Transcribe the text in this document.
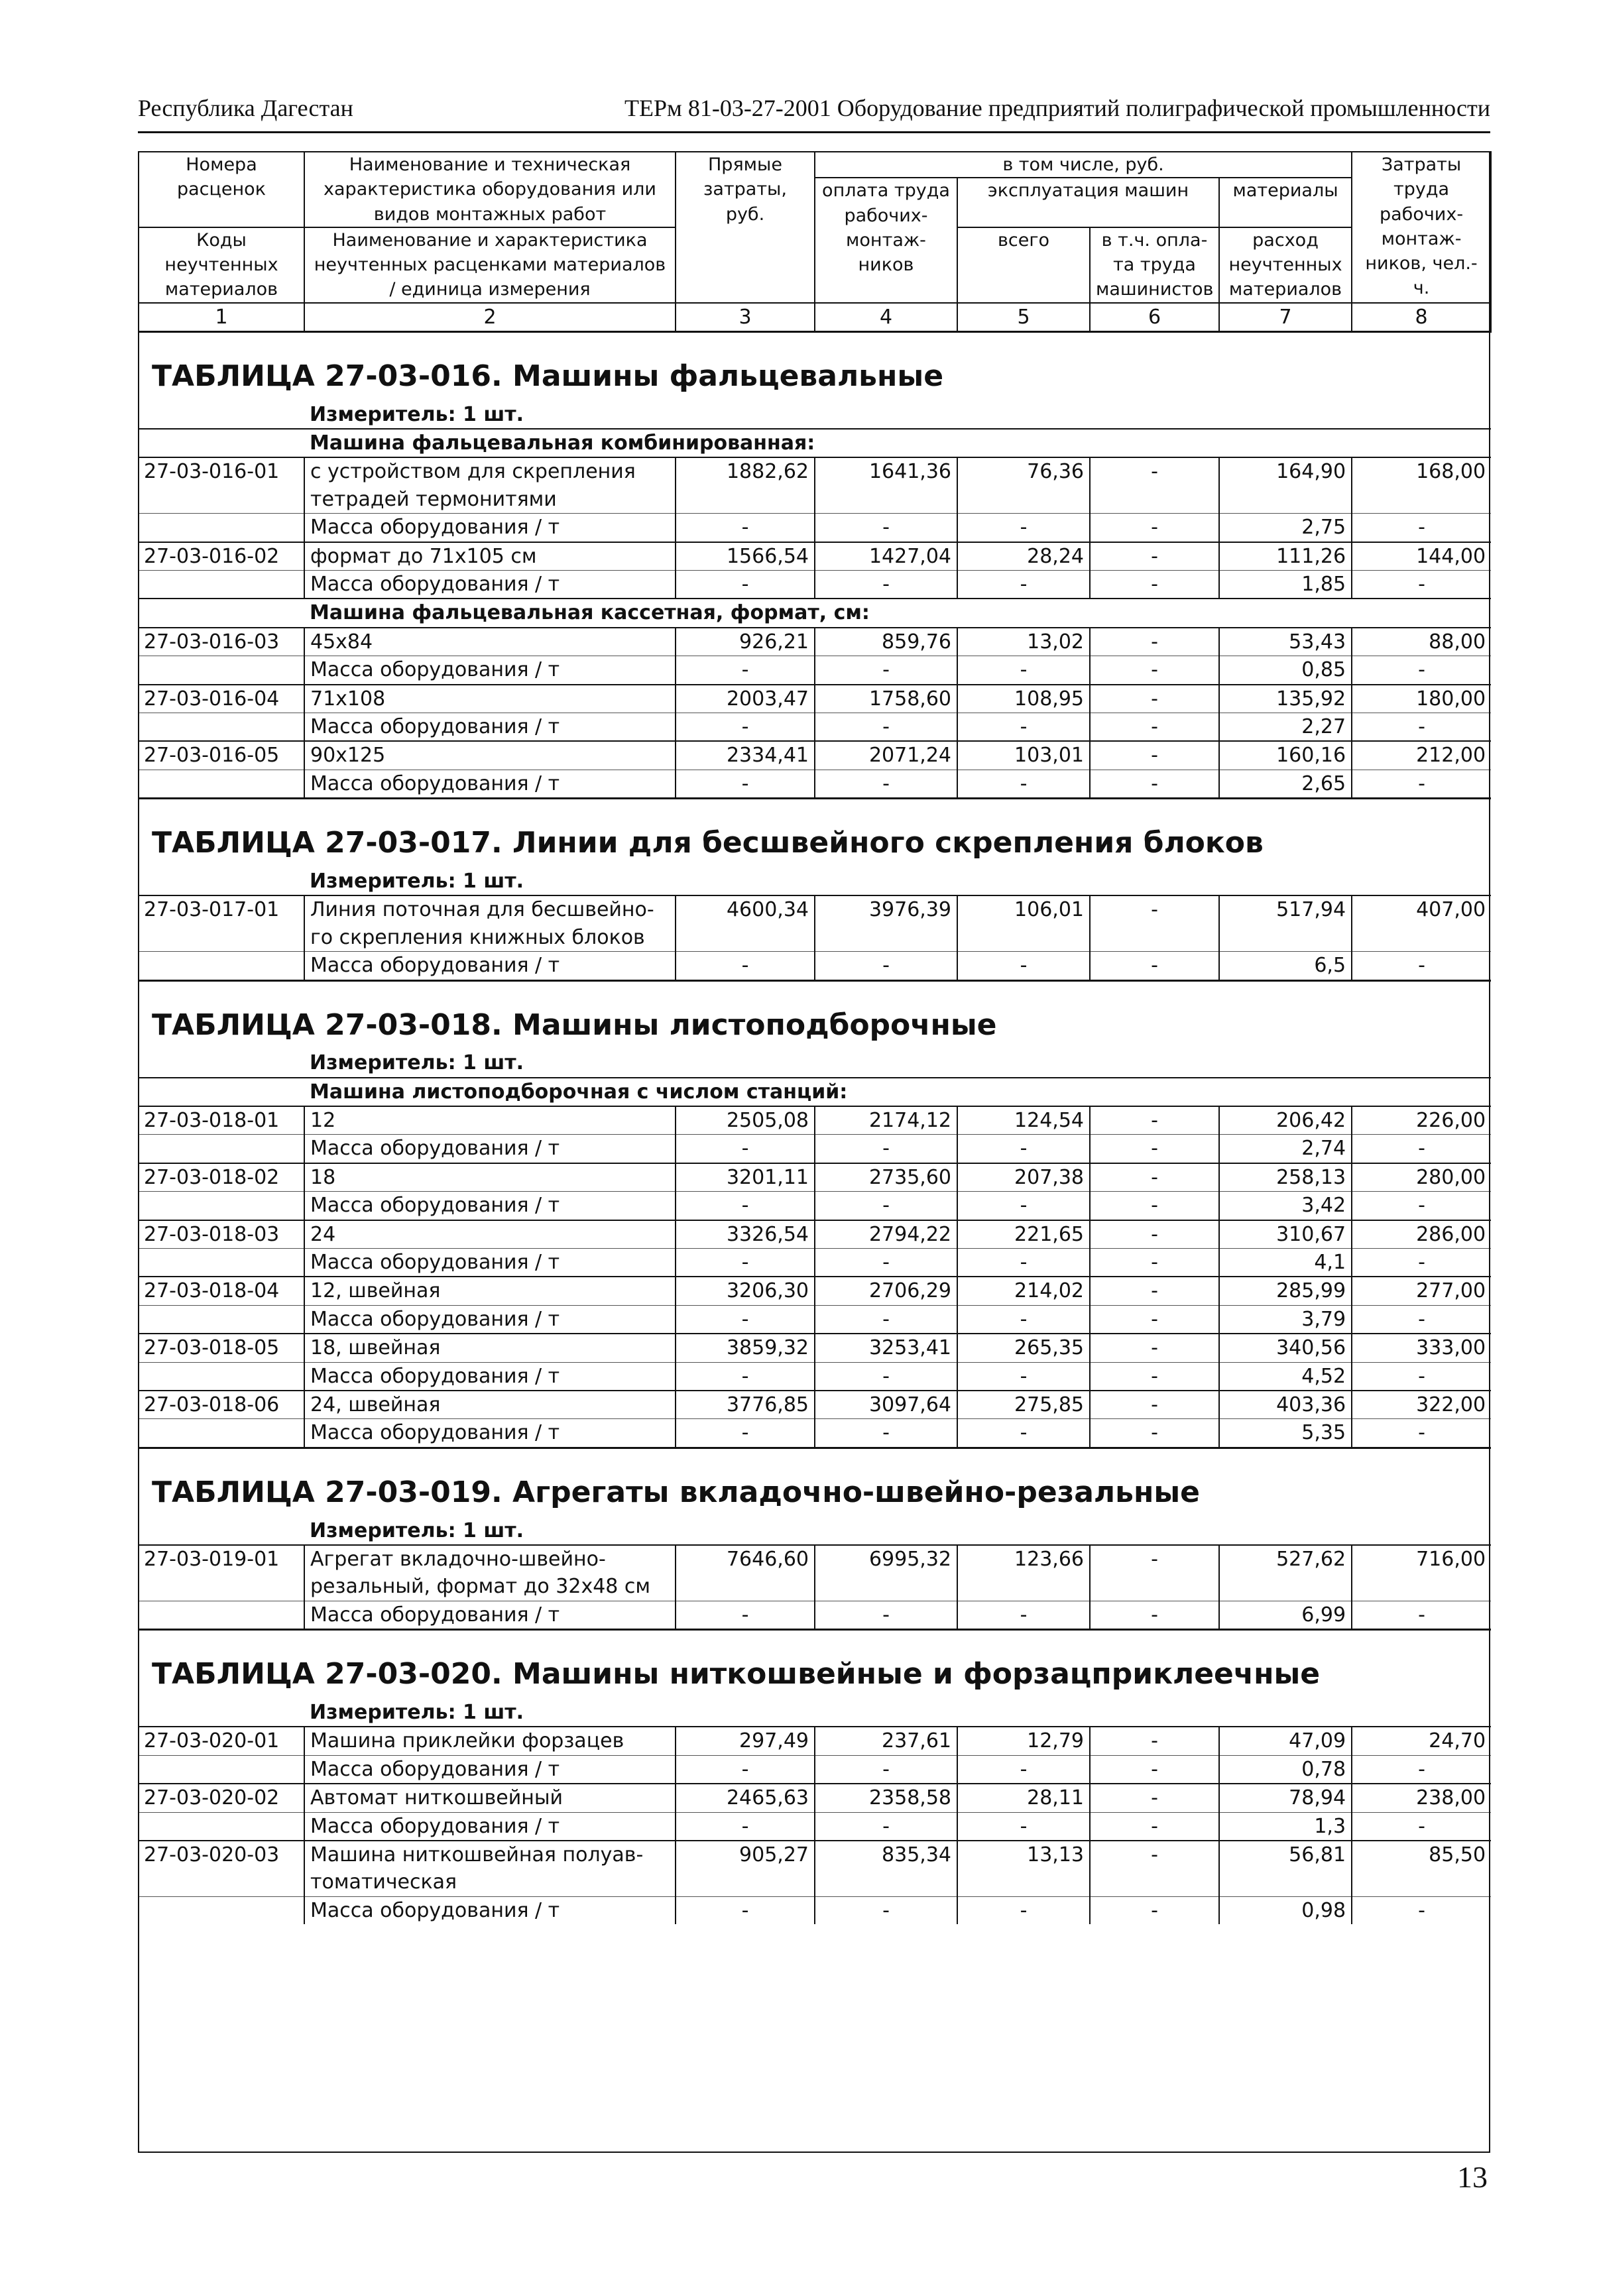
Республика Дагестан	ТЕРм 81-03-27-2001 Оборудование предприятий полиграфической промышленности
Номера расценок	Наименование и техническая характеристика оборудования или видов монтажных работ	Прямые затраты, руб.	в том числе, руб.				Затраты труда рабочих-монтаж-ников, чел.-ч.
			оплата труда рабочих-монтаж-ников	эксплуатация машин		материалы	
Коды неучтенных материалов	Наименование и характеристика неучтенных расценками материалов / единица измерения			всего	в т.ч. опла-та труда машинистов	расход неучтенных материалов	

1	2	3	4	5	6	7	8
ТАБЛИЦА 27-03-016. Машины фальцевальные							
	Измеритель: 1 шт.						
	Машина фальцевальная комбинированная:						
27-03-016-01	с устройством для скрепления тетрадей термонитями	1882,62	1641,36	76,36	-	164,90	168,00
	Масса оборудования / т	-	-	-	-	2,75	-
27-03-016-02	формат до 71х105 см	1566,54	1427,04	28,24	-	111,26	144,00
	Масса оборудования / т	-	-	-	-	1,85	-
	Машина фальцевальная кассетная, формат, см:						
27-03-016-03	45х84	926,21	859,76	13,02	-	53,43	88,00
	Масса оборудования / т	-	-	-	-	0,85	-
27-03-016-04	71х108	2003,47	1758,60	108,95	-	135,92	180,00
	Масса оборудования / т	-	-	-	-	2,27	-
27-03-016-05	90х125	2334,41	2071,24	103,01	-	160,16	212,00
	Масса оборудования / т	-	-	-	-	2,65	-
ТАБЛИЦА 27-03-017. Линии для бесшвейного скрепления блоков							
	Измеритель: 1 шт.						
27-03-017-01	Линия поточная для бесшвейно-го скрепления книжных блоков	4600,34	3976,39	106,01	-	517,94	407,00
	Масса оборудования / т	-	-	-	-	6,5	-
ТАБЛИЦА 27-03-018. Машины листоподборочные							
	Измеритель: 1 шт.						
	Машина листоподборочная с числом станций:						
27-03-018-01	12	2505,08	2174,12	124,54	-	206,42	226,00
	Масса оборудования / т	-	-	-	-	2,74	-
27-03-018-02	18	3201,11	2735,60	207,38	-	258,13	280,00
	Масса оборудования / т	-	-	-	-	3,42	-
27-03-018-03	24	3326,54	2794,22	221,65	-	310,67	286,00
	Масса оборудования / т	-	-	-	-	4,1	-
27-03-018-04	12, швейная	3206,30	2706,29	214,02	-	285,99	277,00
	Масса оборудования / т	-	-	-	-	3,79	-
27-03-018-05	18, швейная	3859,32	3253,41	265,35	-	340,56	333,00
	Масса оборудования / т	-	-	-	-	4,52	-
27-03-018-06	24, швейная	3776,85	3097,64	275,85	-	403,36	322,00
	Масса оборудования / т	-	-	-	-	5,35	-
ТАБЛИЦА 27-03-019. Агрегаты вкладочно-швейно-резальные							
	Измеритель: 1 шт.						
27-03-019-01	Агрегат вкладочно-швейно-резальный, формат до 32х48 см	7646,60	6995,32	123,66	-	527,62	716,00
	Масса оборудования / т	-	-	-	-	6,99	-
ТАБЛИЦА 27-03-020. Машины ниткошвейные и форзацприклеечные							
	Измеритель: 1 шт.						
27-03-020-01	Машина приклейки форзацев	297,49	237,61	12,79	-	47,09	24,70
	Масса оборудования / т	-	-	-	-	0,78	-
27-03-020-02	Автомат ниткошвейный	2465,63	2358,58	28,11	-	78,94	238,00
	Масса оборудования / т	-	-	-	-	1,3	-
27-03-020-03	Машина ниткошвейная полуав-томатическая	905,27	835,34	13,13	-	56,81	85,50
	Масса оборудования / т	-	-	-	-	0,98	-
13
